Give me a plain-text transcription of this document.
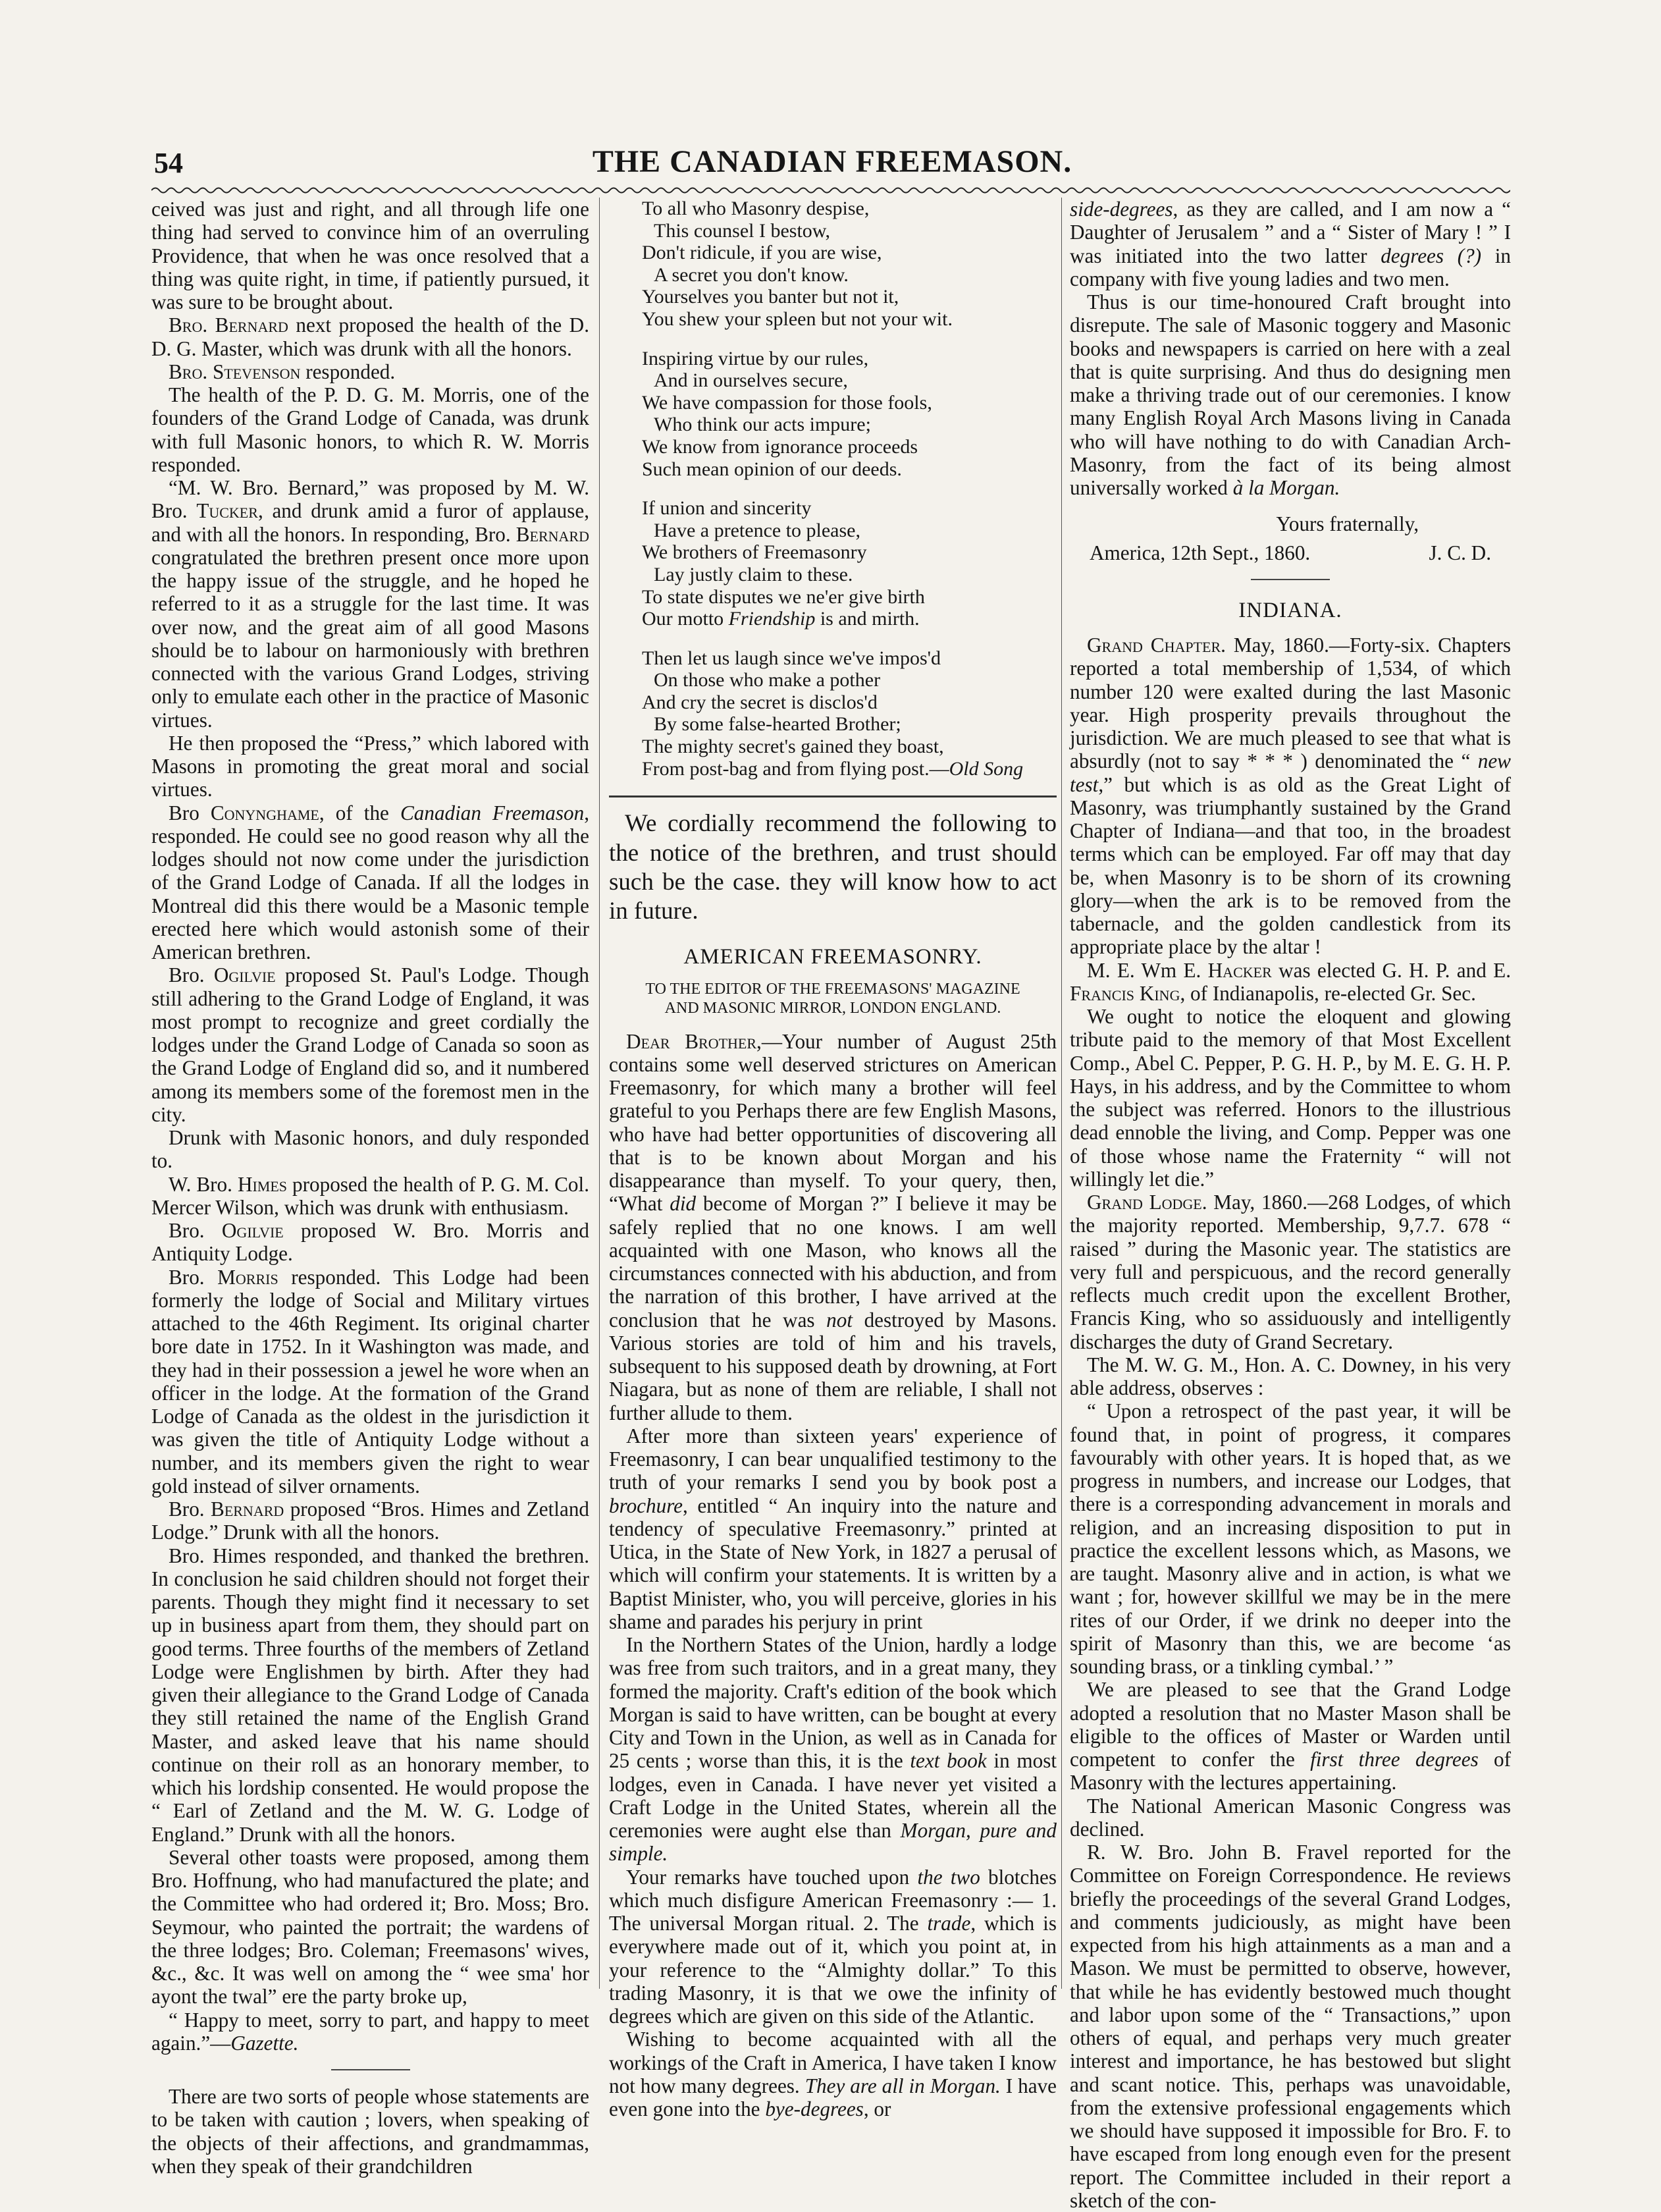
54	THE CANADIAN FREEMASON.

ceived was just and right, and all through life one thing had served to convince him of an overruling Providence, that when he was once resolved that a thing was quite right, in time, if patiently pursued, it was sure to be brought about.

Bro. Bernard next proposed the health of the D. D. G. Master, which was drunk with all the honors.

Bro. Stevenson responded.

The health of the P. D. G. M. Morris, one of the founders of the Grand Lodge of Canada, was drunk with full Masonic honors, to which R. W. Morris responded.

“M. W. Bro. Bernard,” was proposed by M. W. Bro. Tucker, and drunk amid a furor of applause, and with all the honors. In responding, Bro. Bernard congratulated the brethren present once more upon the happy issue of the struggle, and he hoped he referred to it as a struggle for the last time. It was over now, and the great aim of all good Masons should be to labour on harmoniously with brethren connected with the various Grand Lodges, striving only to emulate each other in the practice of Masonic virtues.

He then proposed the “Press,” which labored with Masons in promoting the great moral and social virtues.

Bro Conynghame, of the Canadian Freemason, responded. He could see no good reason why all the lodges should not now come under the jurisdiction of the Grand Lodge of Canada. If all the lodges in Montreal did this there would be a Masonic temple erected here which would astonish some of their American brethren.

Bro. Ogilvie proposed St. Paul's Lodge. Though still adhering to the Grand Lodge of England, it was most prompt to recognize and greet cordially the lodges under the Grand Lodge of Canada so soon as the Grand Lodge of England did so, and it numbered among its members some of the foremost men in the city.

Drunk with Masonic honors, and duly responded to.

W. Bro. Himes proposed the health of P. G. M. Col. Mercer Wilson, which was drunk with enthusiasm.

Bro. Ogilvie proposed W. Bro. Morris and Antiquity Lodge.

Bro. Morris responded. This Lodge had been formerly the lodge of Social and Military virtues attached to the 46th Regiment. Its original charter bore date in 1752. In it Washington was made, and they had in their possession a jewel he wore when an officer in the lodge. At the formation of the Grand Lodge of Canada as the oldest in the jurisdiction it was given the title of Antiquity Lodge without a number, and its members given the right to wear gold instead of silver ornaments.

Bro. Bernard proposed “Bros. Himes and Zetland Lodge.” Drunk with all the honors.

Bro. Himes responded, and thanked the brethren. In conclusion he said children should not forget their parents. Though they might find it necessary to set up in business apart from them, they should part on good terms. Three fourths of the members of Zetland Lodge were Englishmen by birth. After they had given their allegiance to the Grand Lodge of Canada they still retained the name of the English Grand Master, and asked leave that his name should continue on their roll as an honorary member, to which his lordship consented. He would propose the “ Earl of Zetland and the M. W. G. Lodge of England.” Drunk with all the honors.

Several other toasts were proposed, among them Bro. Hoffnung, who had manufactured the plate; and the Committee who had ordered it; Bro. Moss; Bro. Seymour, who painted the portrait; the wardens of the three lodges; Bro. Coleman; Freemasons' wives, &c., &c. It was well on among the “ wee sma' hor ayont the twal” ere the party broke up,

“ Happy to meet, sorry to part, and happy to meet again.”—Gazette.

There are two sorts of people whose statements are to be taken with caution ; lovers, when speaking of the objects of their affections, and grandmammas, when they speak of their grandchildren

To all who Masonry despise,
This counsel I bestow,
Don't ridicule, if you are wise,
A secret you don't know.
Yourselves you banter but not it,
You shew your spleen but not your wit.
Inspiring virtue by our rules,
And in ourselves secure,
We have compassion for those fools,
Who think our acts impure;
We know from ignorance proceeds
Such mean opinion of our deeds.
If union and sincerity
Have a pretence to please,
We brothers of Freemasonry
Lay justly claim to these.
To state disputes we ne'er give birth
Our motto Friendship is and mirth.
Then let us laugh since we've impos'd
On those who make a pother
And cry the secret is disclos'd
By some false-hearted Brother;
The mighty secret's gained they boast,
From post-bag and from flying post.—Old Song

We cordially recommend the following to the notice of the brethren, and trust should such be the case. they will know how to act in future.

AMERICAN FREEMASONRY.
TO THE EDITOR OF THE FREEMASONS' MAGAZINE
AND MASONIC MIRROR, LONDON ENGLAND.

Dear Brother,—Your number of August 25th contains some well deserved strictures on American Freemasonry, for which many a brother will feel grateful to you Perhaps there are few English Masons, who have had better opportunities of discovering all that is to be known about Morgan and his disappearance than myself. To your query, then, “What did become of Morgan ?” I believe it may be safely replied that no one knows. I am well acquainted with one Mason, who knows all the circumstances connected with his abduction, and from the narration of this brother, I have arrived at the conclusion that he was not destroyed by Masons. Various stories are told of him and his travels, subsequent to his supposed death by drowning, at Fort Niagara, but as none of them are reliable, I shall not further allude to them.

After more than sixteen years' experience of Freemasonry, I can bear unqualified testimony to the truth of your remarks I send you by book post a brochure, entitled “ An inquiry into the nature and tendency of speculative Freemasonry.” printed at Utica, in the State of New York, in 1827 a perusal of which will confirm your statements. It is written by a Baptist Minister, who, you will perceive, glories in his shame and parades his perjury in print

In the Northern States of the Union, hardly a lodge was free from such traitors, and in a great many, they formed the majority. Craft's edition of the book which Morgan is said to have written, can be bought at every City and Town in the Union, as well as in Canada for 25 cents ; worse than this, it is the text book in most lodges, even in Canada. I have never yet visited a Craft Lodge in the United States, wherein all the ceremonies were aught else than Morgan, pure and simple.

Your remarks have touched upon the two blotches which much disfigure American Freemasonry :— 1. The universal Morgan ritual. 2. The trade, which is everywhere made out of it, which you point at, in your reference to the “Almighty dollar.” To this trading Masonry, it is that we owe the infinity of degrees which are given on this side of the Atlantic.

Wishing to become acquainted with all the workings of the Craft in America, I have taken I know not how many degrees. They are all in Morgan. I have even gone into the bye-degrees, or

side-degrees, as they are called, and I am now a “ Daughter of Jerusalem ” and a “ Sister of Mary ! ” I was initiated into the two latter degrees (?) in company with five young ladies and two men.

Thus is our time-honoured Craft brought into disrepute. The sale of Masonic toggery and Masonic books and newspapers is carried on here with a zeal that is quite surprising. And thus do designing men make a thriving trade out of our ceremonies. I know many English Royal Arch Masons living in Canada who will have nothing to do with Canadian Arch-Masonry, from the fact of its being almost universally worked à la Morgan.

Yours fraternally,
America, 12th Sept., 1860.	J. C. D.
INDIANA.

Grand Chapter. May, 1860.—Forty-six. Chapters reported a total membership of 1,534, of which number 120 were exalted during the last Masonic year. High prosperity prevails throughout the jurisdiction. We are much pleased to see that what is absurdly (not to say * * * ) denominated the “ new test,” but which is as old as the Great Light of Masonry, was triumphantly sustained by the Grand Chapter of Indiana—and that too, in the broadest terms which can be employed. Far off may that day be, when Masonry is to be shorn of its crowning glory—when the ark is to be removed from the tabernacle, and the golden candlestick from its appropriate place by the altar !

M. E. Wm E. Hacker was elected G. H. P. and E. Francis King, of Indianapolis, re-elected Gr. Sec.

We ought to notice the eloquent and glowing tribute paid to the memory of that Most Excellent Comp., Abel C. Pepper, P. G. H. P., by M. E. G. H. P. Hays, in his address, and by the Committee to whom the subject was referred. Honors to the illustrious dead ennoble the living, and Comp. Pepper was one of those whose name the Fraternity “ will not willingly let die.”

Grand Lodge. May, 1860.—268 Lodges, of which the majority reported. Membership, 9,7.7. 678 “ raised ” during the Masonic year. The statistics are very full and perspicuous, and the record generally reflects much credit upon the excellent Brother, Francis King, who so assiduously and intelligently discharges the duty of Grand Secretary.

The M. W. G. M., Hon. A. C. Downey, in his very able address, observes :

“ Upon a retrospect of the past year, it will be found that, in point of progress, it compares favourably with other years. It is hoped that, as we progress in numbers, and increase our Lodges, that there is a corresponding advancement in morals and religion, and an increasing disposition to put in practice the excellent lessons which, as Masons, we are taught. Masonry alive and in action, is what we want ; for, however skillful we may be in the mere rites of our Order, if we drink no deeper into the spirit of Masonry than this, we are become ‘as sounding brass, or a tinkling cymbal.’ ”

We are pleased to see that the Grand Lodge adopted a resolution that no Master Mason shall be eligible to the offices of Master or Warden until competent to confer the first three degrees of Masonry with the lectures appertaining.

The National American Masonic Congress was declined.

R. W. Bro. John B. Fravel reported for the Committee on Foreign Correspondence. He reviews briefly the proceedings of the several Grand Lodges, and comments judiciously, as might have been expected from his high attainments as a man and a Mason. We must be permitted to observe, however, that while he has evidently bestowed much thought and labor upon some of the “ Transactions,” upon others of equal, and perhaps very much greater interest and importance, he has bestowed but slight and scant notice. This, perhaps was unavoidable, from the extensive professional engagements which we should have supposed it impossible for Bro. F. to have escaped from long enough even for the present report. The Committee included in their report a sketch of the con-
